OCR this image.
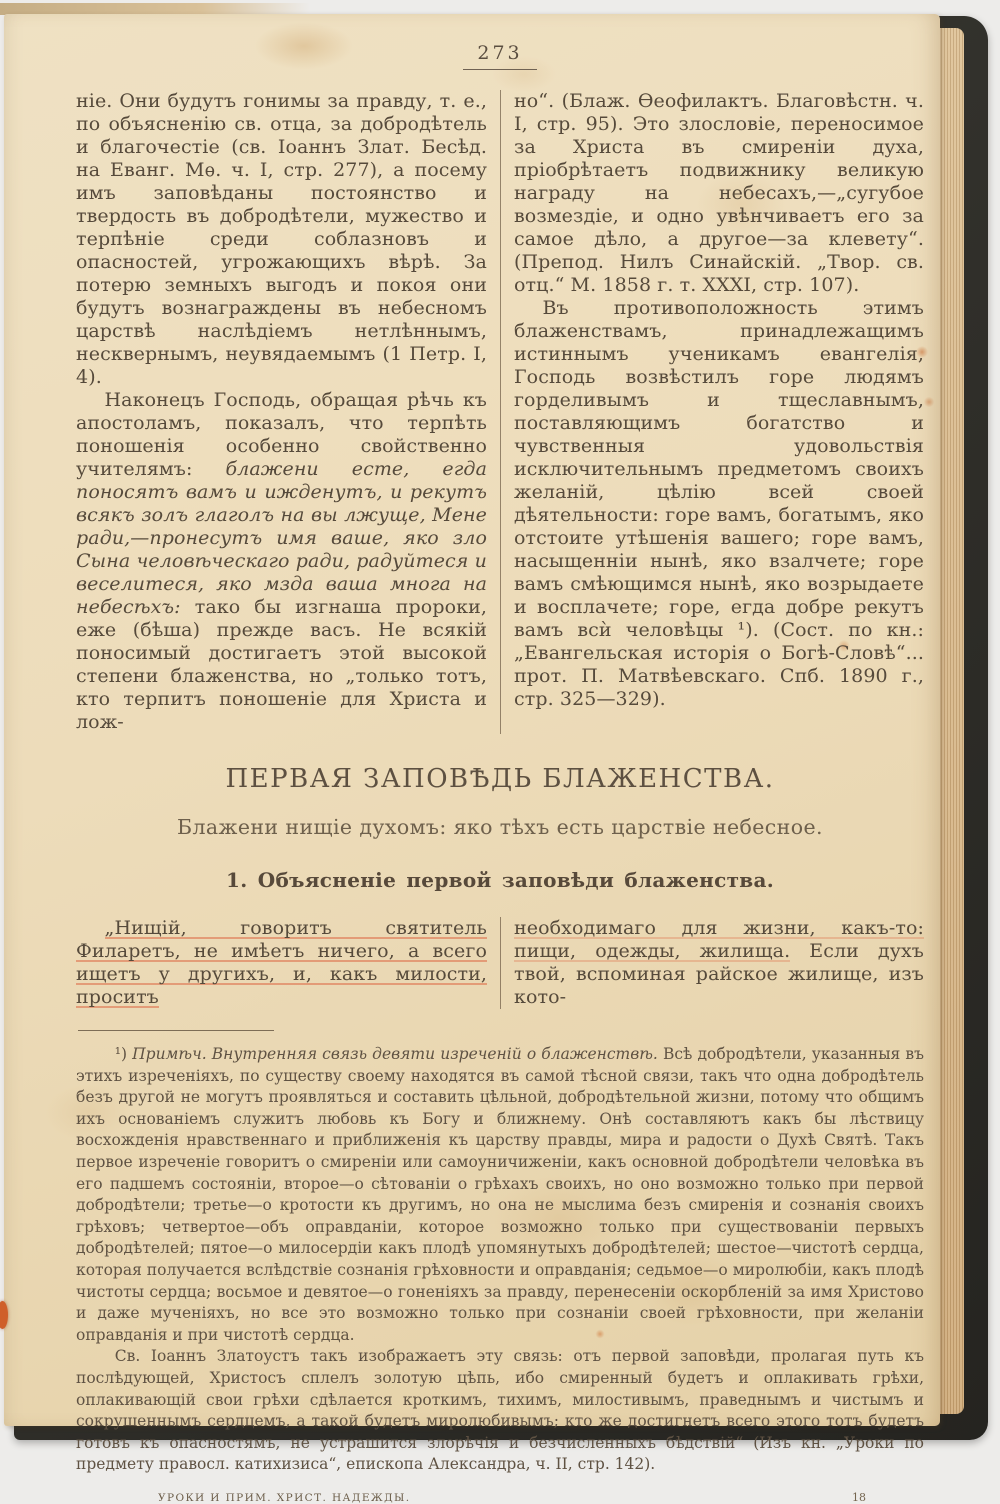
273

ніе. Они будутъ гонимы за правду, т. е., по объясненію св. отца, за добродѣтель и благочестіе (св. Іоаннъ Злат. Бесѣд. на Еванг. Мѳ. ч. I, стр. 277), а посему имъ заповѣданы постоянство и твердость въ добродѣтели, мужество и терпѣніе среди соблазновъ и опасностей, угрожающихъ вѣрѣ. За потерю земныхъ выгодъ и покоя они будутъ вознаграждены въ небесномъ царствѣ наслѣдіемъ нетлѣннымъ, несквернымъ, неувядаемымъ (1 Петр. I, 4).

Наконецъ Господь, обращая рѣчь къ апостоламъ, показалъ, что терпѣть поношенія особенно свойственно учителямъ: блажени есте, егда поносятъ вамъ и ижденутъ, и рекутъ всякъ золъ глаголъ на вы лжуще, Мене ради,—пронесутъ имя ваше, яко зло Сына человѣческаго ради, радуйтеся и веселитеся, яко мзда ваша многа на небесѣхъ: тако бы изгнаша пророки, еже (бѣша) прежде васъ. Не всякій поносимый достигаетъ этой высокой степени блаженства, но „только тотъ, кто терпитъ поношеніе для Христа и лож-

но“. (Блаж. Ѳеофилактъ. Благовѣстн. ч. I, стр. 95). Это злословіе, переносимое за Христа въ смиреніи духа, пріобрѣтаетъ подвижнику великую награду на небесахъ,—„сугубое возмездіе, и одно увѣнчиваетъ его за самое дѣло, а другое—за клевету“. (Препод. Нилъ Синайскій. „Твор. св. отц.“ М. 1858 г. т. XXXI, стр. 107).

Въ противоположность этимъ блаженствамъ, принадлежащимъ истиннымъ ученикамъ евангелія, Господь возвѣстилъ горе людямъ горделивымъ и тщеславнымъ, поставляющимъ богатство и чувственныя удовольствія исключительнымъ предметомъ своихъ желаній, цѣлію всей своей дѣятельности: горе вамъ, богатымъ, яко отстоите утѣшенія вашего; горе вамъ, насыщенніи нынѣ, яко взалчете; горе вамъ смѣющимся нынѣ, яко возрыдаете и восплачете; горе, егда добре рекутъ вамъ всѝ человѣцы ¹). (Сост. по кн.: „Евангельская исторія о Богѣ-Словѣ“... прот. П. Матвѣевскаго. Спб. 1890 г., стр. 325—329).

ПЕРВАЯ ЗАПОВѢДЬ БЛАЖЕНСТВА.
Блажени нищіе духомъ: яко тѣхъ есть царствіе небесное.
1. Объясненіе первой заповѣди блаженства.

„Нищій, говоритъ святитель Филаретъ, не имѣетъ ничего, а всего ищетъ у другихъ, и, какъ милости, проситъ

необходимаго для жизни, какъ-то: пищи, одежды, жилища. Если духъ твой, вспоминая райское жилище, изъ кото-

¹) Примѣч. Внутренняя связь девяти изреченій о блаженствѣ. Всѣ добродѣтели, указанныя въ этихъ изреченіяхъ, по существу своему находятся въ самой тѣсной связи, такъ что одна добродѣтель безъ другой не могутъ проявляться и составить цѣльной, добродѣтельной жизни, потому что общимъ ихъ основаніемъ служитъ любовь къ Богу и ближнему. Онѣ составляютъ какъ бы лѣствицу восхожденія нравственнаго и приближенія къ царству правды, мира и радости о Духѣ Святѣ. Такъ первое изреченіе говоритъ о смиреніи или самоуничиженіи, какъ основной добродѣтели человѣка въ его падшемъ состояніи, второе—о сѣтованіи о грѣхахъ своихъ, но оно возможно только при первой добродѣтели; третье—о кротости къ другимъ, но она не мыслима безъ смиренія и сознанія своихъ грѣховъ; четвертое—объ оправданіи, которое возможно только при существованіи первыхъ добродѣтелей; пятое—о милосердіи какъ плодѣ упомянутыхъ добродѣтелей; шестое—чистотѣ сердца, которая получается вслѣдствіе сознанія грѣховности и оправданія; седьмое—о миролюбіи, какъ плодѣ чистоты сердца; восьмое и девятое—о гоненіяхъ за правду, перенесеніи оскорбленій за имя Христово и даже мученіяхъ, но все это возможно только при сознаніи своей грѣховности, при желаніи оправданія и при чистотѣ сердца.

Св. Іоаннъ Златоустъ такъ изображаетъ эту связь: отъ первой заповѣди, пролагая путь къ послѣдующей, Христосъ сплелъ золотую цѣпь, ибо смиренный будетъ и оплакивать грѣхи, оплакивающій свои грѣхи сдѣлается кроткимъ, тихимъ, милостивымъ, праведнымъ и чистымъ и сокрушеннымъ сердцемъ, а такой будетъ миролюбивымъ; кто же достигнетъ всего этого тотъ будетъ готовъ къ опасностямъ, не устрашится злорѣчія и безчисленныхъ бѣдствій“ (Изъ кн. „Уроки по предмету правосл. катихизиса“, епископа Александра, ч. II, стр. 142).

УРОКИ И ПРИМ. ХРИСТ. НАДЕЖДЫ.	18
